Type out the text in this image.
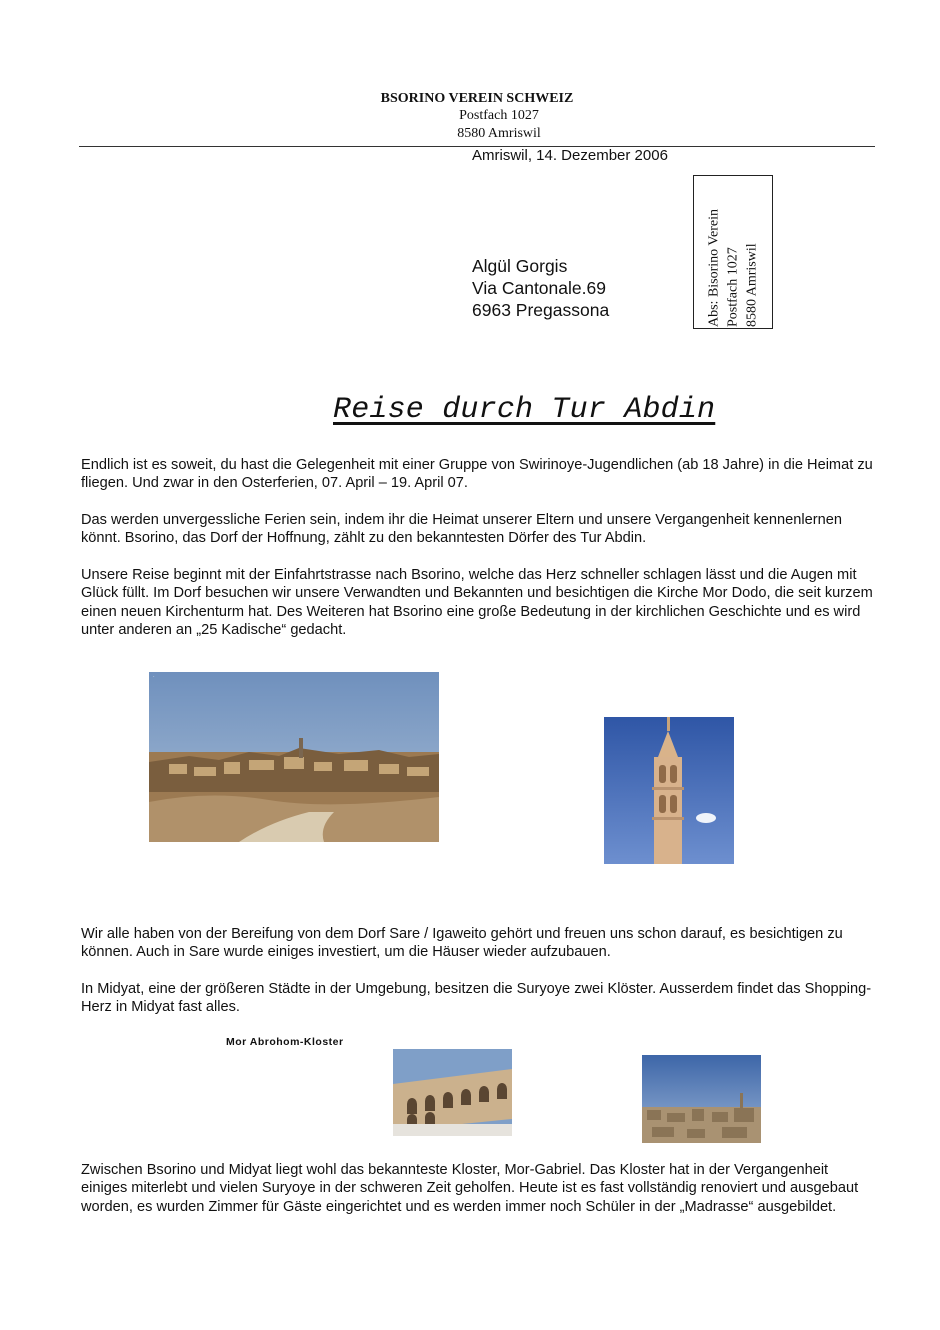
BSORINO VEREIN SCHWEIZ
Postfach 1027
8580 Amriswil
Amriswil, 14. Dezember 2006
Algül Gorgis
Via Cantonale.69
6963 Pregassona	Abs: Bisorino Verein Postfach 1027 8580 Amriswil
Reise durch Tur Abdin
Endlich ist es soweit, du hast die Gelegenheit mit einer Gruppe von Swirinoye-Jugendlichen (ab 18 Jahre) in die Heimat zu fliegen. Und zwar in den Osterferien, 07. April – 19. April 07.
Das werden unvergessliche Ferien sein, indem ihr die Heimat unserer Eltern und unsere Vergangenheit kennenlernen könnt. Bsorino, das Dorf der Hoffnung, zählt zu den bekanntesten Dörfer des Tur Abdin.
Unsere Reise beginnt mit der Einfahrtstrasse nach Bsorino, welche das Herz schneller schlagen lässt und die Augen mit Glück füllt. Im Dorf besuchen wir unsere Verwandten und Bekannten und besichtigen die Kirche Mor Dodo, die seit kurzem einen neuen Kirchenturm hat. Des Weiteren hat Bsorino eine große Bedeutung in der kirchlichen Geschichte und es wird unter anderen an „25 Kadische“ gedacht.
·
Wir alle haben von der Bereifung von dem Dorf Sare / Igaweito gehört und freuen uns schon darauf, es besichtigen zu können. Auch in Sare wurde einiges investiert, um die Häuser wieder aufzubauen.
In Midyat, eine der größeren Städte in der Umgebung, besitzen die Suryoye zwei Klöster. Ausserdem findet das Shopping-Herz in Midyat fast alles.
Mor Abrohom-Kloster
Zwischen Bsorino und Midyat liegt wohl das bekannteste Kloster, Mor-Gabriel. Das Kloster hat in der Vergangenheit einiges miterlebt und vielen Suryoye in der schweren Zeit geholfen. Heute ist es fast vollständig renoviert und ausgebaut worden, es wurden Zimmer für Gäste eingerichtet und es werden immer noch Schüler in der „Madrasse“ ausgebildet.
